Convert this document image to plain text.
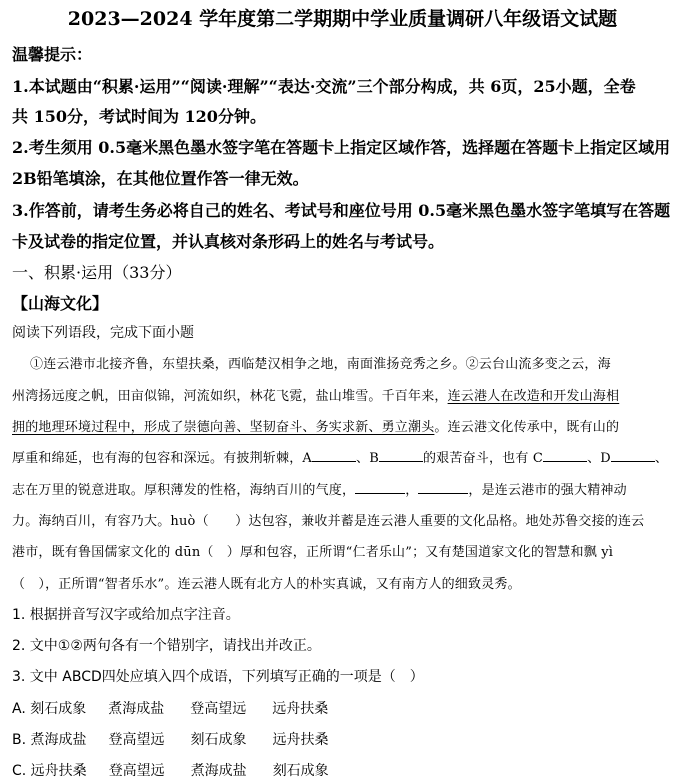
2023—2024 学年度第二学期期中学业质量调研八年级语文试题
温馨提示：
1.本试题由“积累·运用”“阅读·理解”“表达·交流”三个部分构成，共 6页，25小题，全卷
共 150分，考试时间为 120分钟。
2.考生须用 0.5毫米黑色墨水签字笔在答题卡上指定区域作答，选择题在答题卡上指定区域用
2B铅笔填涂，在其他位置作答一律无效。
3.作答前，请考生务必将自己的姓名、考试号和座位号用 0.5毫米黑色墨水签字笔填写在答题
卡及试卷的指定位置，并认真核对条形码上的姓名与考试号。
一、积累·运用（33分）
【山海文化】
阅读下列语段，完成下面小题
①连云港市北接齐鲁，东望扶桑，西临楚汉相争之地，南面淮扬竞秀之乡。②云台山流多变之云，海
州湾扬远度之帆，田亩似锦，河流如织，林花飞霓，盐山堆雪。千百年来，连云港人在改造和开发山海相
拥的地理环境过程中，形成了崇德向善、坚韧奋斗、务实求新、勇立潮头。连云港文化传承中，既有山的
厚重和绵延，也有海的包容和深远。有披荆斩棘，A	、B	的艰苦奋斗，也有 C	、D	、
志在万里的锐意进取。厚积薄发的性格，海纳百川的气度，	，	，是连云港市的强大精神动
力。海纳百川，有容乃大。huò（　　）达包容，兼收并蓄是连云港人重要的文化品格。地处苏鲁交接的连云
港市，既有鲁国儒家文化的 dūn（　）厚和包容，正所谓“仁者乐山”；又有楚国道家文化的智慧和飘 yì
（　），正所谓“智者乐水”。连云港人既有北方人的朴实真诚，又有南方人的细致灵秀。
1. 根据拼音写汉字或给加点字注音。
2. 文中①②两句各有一个错别字，请找出并改正。
3. 文中 ABCD四处应填入四个成语，下列填写正确的一项是（　）
A. 刻石成象 煮海成盐 登高望远 远舟扶桑
B. 煮海成盐 登高望远 刻石成象 远舟扶桑
C. 远舟扶桑 登高望远 煮海成盐 刻石成象
